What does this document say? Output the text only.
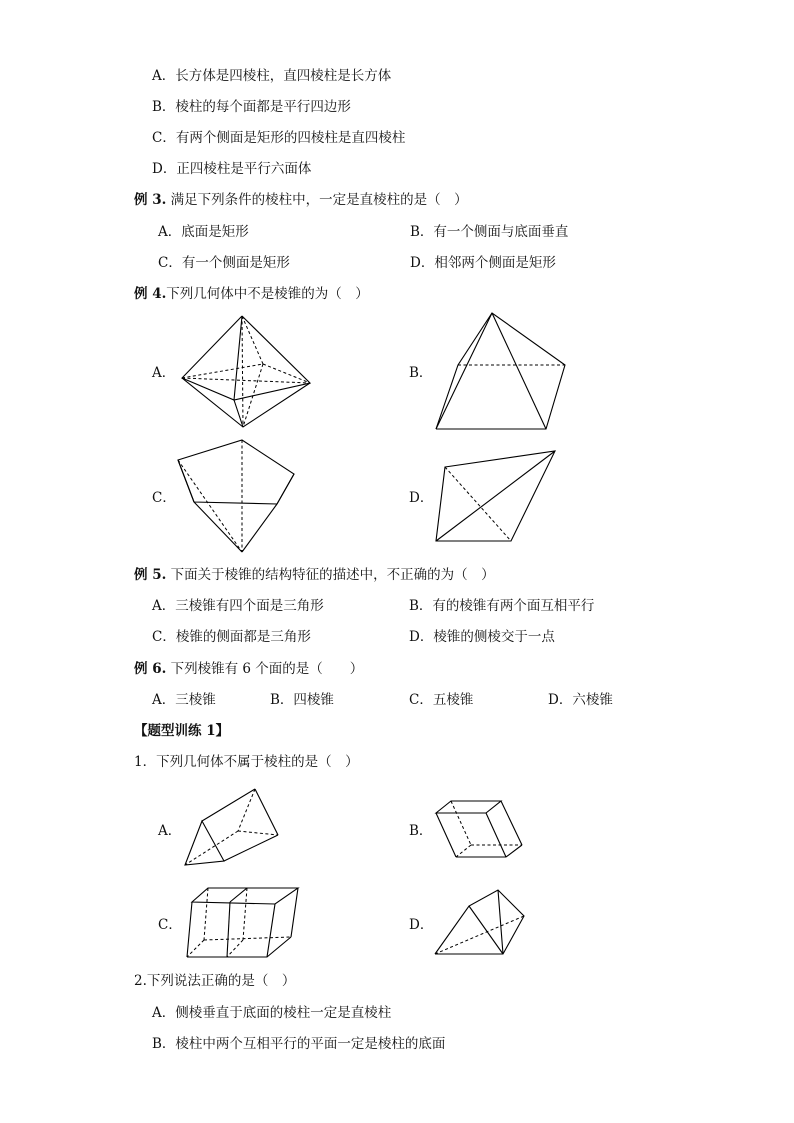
A．长方体是四棱柱，直四棱柱是长方体
B．棱柱的每个面都是平行四边形
C．有两个侧面是矩形的四棱柱是直四棱柱
D．正四棱柱是平行六面体
例 3. 满足下列条件的棱柱中，一定是直棱柱的是（　）
A．底面是矩形	B．有一个侧面与底面垂直
C．有一个侧面是矩形	D．相邻两个侧面是矩形
例 4.下列几何体中不是棱锥的为（　）
A．	B．
C．	D．
例 5. 下面关于棱锥的结构特征的描述中，不正确的为（　）
A．三棱锥有四个面是三角形	B．有的棱锥有两个面互相平行
C．棱锥的侧面都是三角形	D．棱锥的侧棱交于一点
例 6. 下列棱锥有 6 个面的是（　　）
A．三棱锥	B．四棱锥	C．五棱锥	D．六棱锥
【题型训练 1】
1．下列几何体不属于棱柱的是（　）
A．	B．
C．	D．
2.下列说法正确的是（　）
A．侧棱垂直于底面的棱柱一定是直棱柱
B．棱柱中两个互相平行的平面一定是棱柱的底面
